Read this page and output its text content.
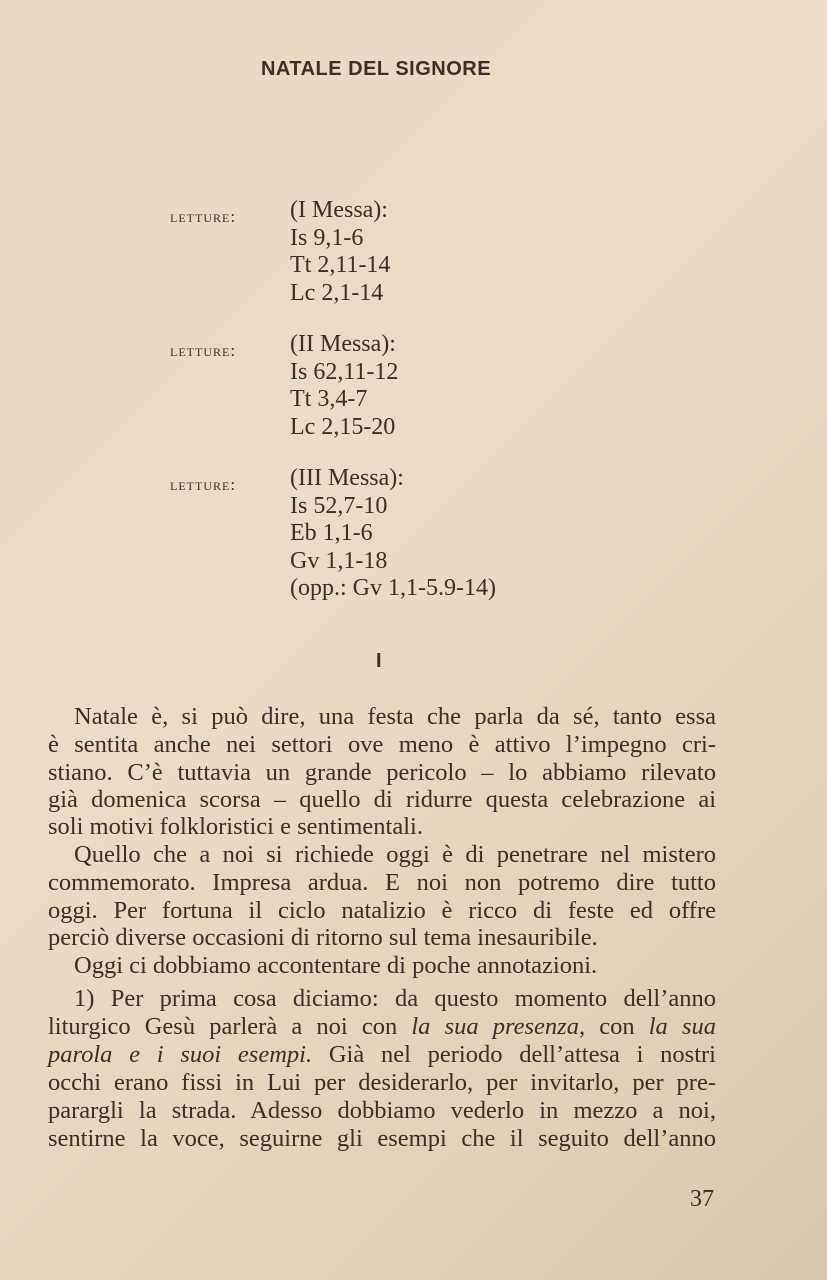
NATALE DEL SIGNORE
letture: (I Messa):
Is 9,1-6
Tt 2,11-14
Lc 2,1-14
letture: (II Messa):
Is 62,11-12
Tt 3,4-7
Lc 2,15-20
letture: (III Messa):
Is 52,7-10
Eb 1,1-6
Gv 1,1-18
(opp.: Gv 1,1-5.9-14)
I
Natale è, si può dire, una festa che parla da sé, tanto essa
è sentita anche nei settori ove meno è attivo l’impegno cri-
stiano. C’è tuttavia un grande pericolo – lo abbiamo rilevato
già domenica scorsa – quello di ridurre questa celebrazione ai
soli motivi folkloristici e sentimentali.
Quello che a noi si richiede oggi è di penetrare nel mistero
commemorato. Impresa ardua. E noi non potremo dire tutto
oggi. Per fortuna il ciclo natalizio è ricco di feste ed offre
perciò diverse occasioni di ritorno sul tema inesauribile.
Oggi ci dobbiamo accontentare di poche annotazioni.
1) Per prima cosa diciamo: da questo momento dell’anno
liturgico Gesù parlerà a noi con la sua presenza, con la sua
parola e i suoi esempi. Già nel periodo dell’attesa i nostri
occhi erano fissi in Lui per desiderarlo, per invitarlo, per pre-
parargli la strada. Adesso dobbiamo vederlo in mezzo a noi,
sentirne la voce, seguirne gli esempi che il seguito dell’anno
37
